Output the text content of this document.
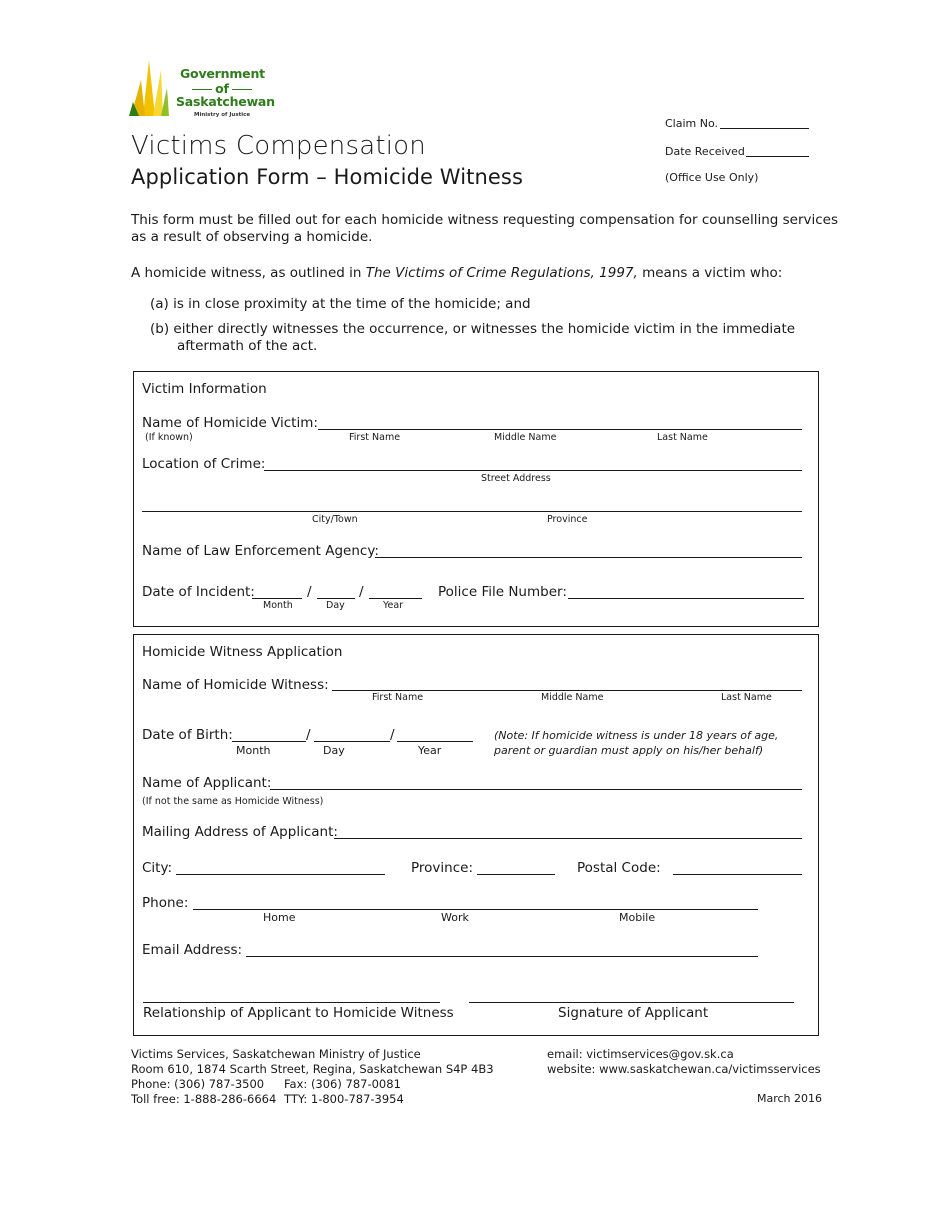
Government
of
Saskatchewan
Ministry of Justice
Claim No.
Date Received
(Office Use Only)
Victims Compensation
Application Form – Homicide Witness
This form must be filled out for each homicide witness requesting compensation for counselling services
as a result of observing a homicide.
A homicide witness, as outlined in The Victims of Crime Regulations, 1997, means a victim who:
(a) is in close proximity at the time of the homicide; and
(b) either directly witnesses the occurrence, or witnesses the homicide victim in the immediate
aftermath of the act.
Victim Information
Name of Homicide Victim:
(If known)	First Name	Middle Name	Last Name
Location of Crime:
Street Address
City/Town	Province
Name of Law Enforcement Agency:
Date of Incident:	/	/
Month	Day	Year
Police File Number:
Homicide Witness Application
Name of Homicide Witness:
First Name	Middle Name	Last Name
Date of Birth:	/	/
Month	Day	Year
(Note: If homicide witness is under 18 years of age,
parent or guardian must apply on his/her behalf)
Name of Applicant:
(If not the same as Homicide Witness)
Mailing Address of Applicant:
City:	Province:	Postal Code:
Phone:
Home	Work	Mobile
Email Address:
Relationship of Applicant to Homicide Witness	Signature of Applicant
Victims Services, Saskatchewan Ministry of Justice
Room 610, 1874 Scarth Street, Regina, Saskatchewan S4P 4B3
Phone: (306) 787-3500 Fax: (306) 787-0081
Toll free: 1-888-286-6664 TTY: 1-800-787-3954
email: victimservices@gov.sk.ca
website: www.saskatchewan.ca/victimsservices
March 2016
